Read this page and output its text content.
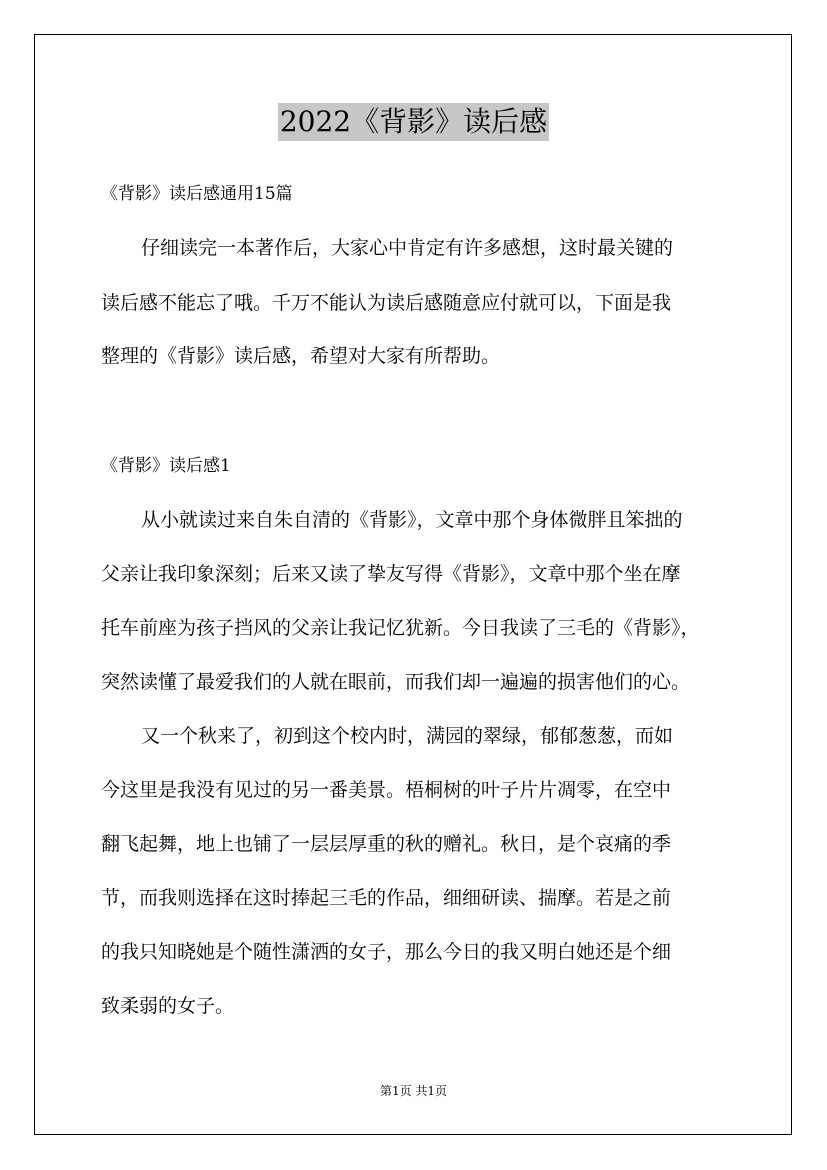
2022《背影》读后感
《背影》读后感通用15篇
仔细读完一本著作后，大家心中肯定有许多感想，这时最关键的
读后感不能忘了哦。千万不能认为读后感随意应付就可以，下面是我
整理的《背影》读后感，希望对大家有所帮助。
《背影》读后感1
从小就读过来自朱自清的《背影》，文章中那个身体微胖且笨拙的
父亲让我印象深刻；后来又读了挚友写得《背影》，文章中那个坐在摩
托车前座为孩子挡风的父亲让我记忆犹新。今日我读了三毛的《背影》，
突然读懂了最爱我们的人就在眼前，而我们却一遍遍的损害他们的心。
又一个秋来了，初到这个校内时，满园的翠绿，郁郁葱葱，而如
今这里是我没有见过的另一番美景。梧桐树的叶子片片凋零，在空中
翻飞起舞，地上也铺了一层层厚重的秋的赠礼。秋日，是个哀痛的季
节，而我则选择在这时捧起三毛的作品，细细研读、揣摩。若是之前
的我只知晓她是个随性潇洒的女子，那么今日的我又明白她还是个细
致柔弱的女子。
第1页 共1页
